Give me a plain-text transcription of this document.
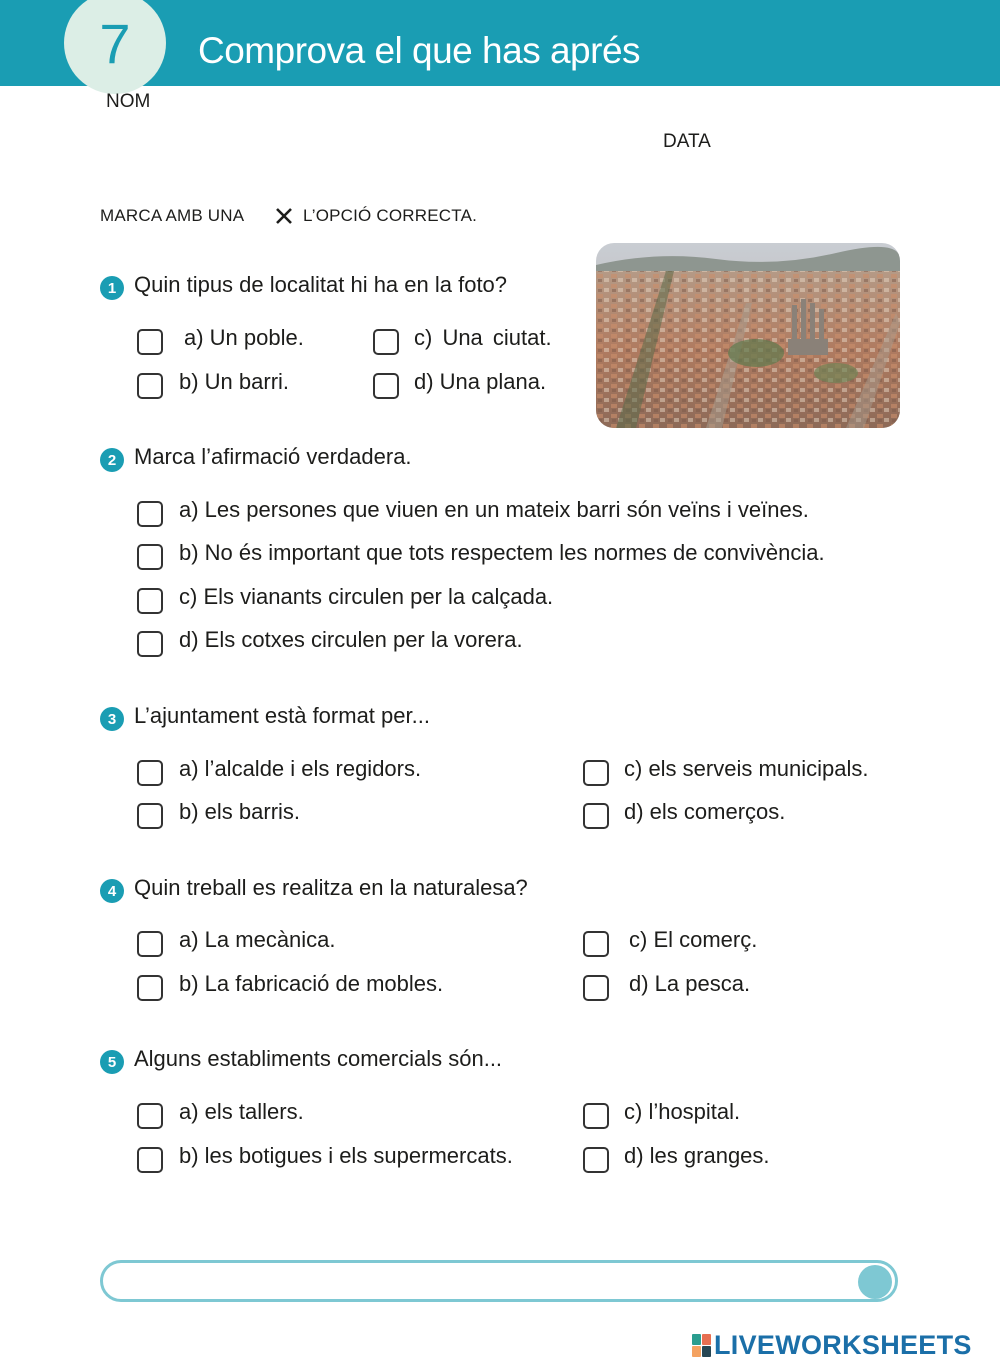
7	Comprova el que has aprés
NOM
DATA
MARCA AMB UNA	L’OPCIÓ CORRECTA.
1 Quin tipus de localitat hi ha en la foto?
a) Un poble.
b) Un barri.
c) Una ciutat.
d) Una plana.
2 Marca l’afirmació verdadera.
a) Les persones que viuen en un mateix barri són veïns i veïnes.
b) No és important que tots respectem les normes de convivència.
c) Els vianants circulen per la calçada.
d) Els cotxes circulen per la vorera.
3 L’ajuntament està format per...
a) l’alcalde i els regidors.
b) els barris.
c) els serveis municipals.
d) els comerços.
4 Quin treball es realitza en la naturalesa?
a) La mecànica.
b) La fabricació de mobles.
c) El comerç.
d) La pesca.
5 Alguns establiments comercials són...
a) els tallers.
b) les botigues i els supermercats.
c) l’hospital.
d) les granges.
LIVEWORKSHEETS
